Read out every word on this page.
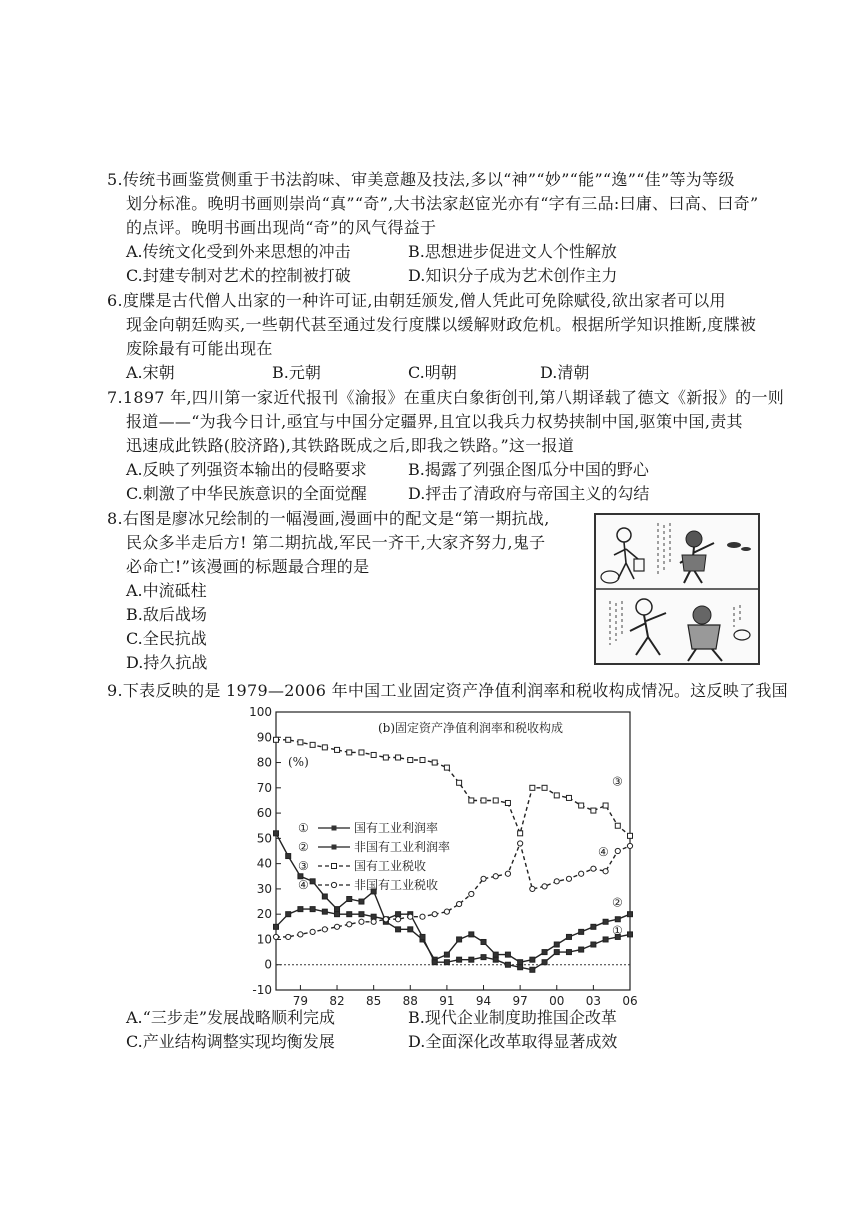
5.传统书画鉴赏侧重于书法韵味、审美意趣及技法,多以“神”“妙”“能”“逸”“佳”等为等级
划分标准。晚明书画则崇尚“真”“奇”,大书法家赵宧光亦有“字有三品:曰庸、曰高、曰奇”
的点评。晚明书画出现尚“奇”的风气得益于
A.传统文化受到外来思想的冲击	B.思想进步促进文人个性解放
C.封建专制对艺术的控制被打破	D.知识分子成为艺术创作主力
6.度牒是古代僧人出家的一种许可证,由朝廷颁发,僧人凭此可免除赋役,欲出家者可以用
现金向朝廷购买,一些朝代甚至通过发行度牒以缓解财政危机。根据所学知识推断,度牒被
废除最有可能出现在
A.宋朝	B.元朝	C.明朝	D.清朝
7.1897 年,四川第一家近代报刊《渝报》在重庆白象街创刊,第八期译载了德文《新报》的一则
报道——“为我今日计,亟宜与中国分定疆界,且宜以我兵力权势挟制中国,驱策中国,责其
迅速成此铁路(胶济路),其铁路既成之后,即我之铁路。”这一报道
A.反映了列强资本输出的侵略要求	B.揭露了列强企图瓜分中国的野心
C.刺激了中华民族意识的全面觉醒	D.抨击了清政府与帝国主义的勾结
8.右图是廖冰兄绘制的一幅漫画,漫画中的配文是“第一期抗战,
民众多半走后方! 第二期抗战,军民一齐干,大家齐努力,鬼子
必命亡!”该漫画的标题最合理的是
A.中流砥柱
B.敌后战场
C.全民抗战
D.持久抗战
9.下表反映的是 1979—2006 年中国工业固定资产净值利润率和税收构成情况。这反映了我国
-10
0
10
20
30
40
50
60
70
80
90
100
79 82 85 88 91 94 97 00 03 06
(b)固定资产净值利润率和税收构成
(%)
①	国有工业利润率
②	非国有工业利润率
③	国有工业税收
④	非国有工业税收
①
②
③
④
A.“三步走”发展战略顺利完成	B.现代企业制度助推国企改革
C.产业结构调整实现均衡发展	D.全面深化改革取得显著成效
